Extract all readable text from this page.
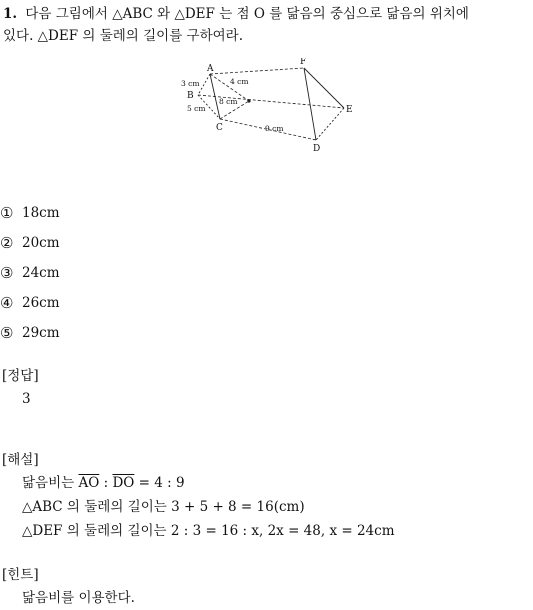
1. 다음 그림에서 △ABC 와 △DEF 는 점 O 를 닮음의 중심으로 닮음의 위치에
있다. △DEF 의 둘레의 길이를 구하여라.
A
B
C
D
E
F
3 cm	4 cm
5 cm
8 cm
9 cm
① 18cm
② 20cm
③ 24cm
④ 26cm
⑤ 29cm
[정답]
3
[해설]
닮음비는 $\overline{AO}$ : $\overline{DO} = 4$ : 9
△ABC 의 둘레의 길이는 3 + 5 + 8 = 16(cm)
△DEF 의 둘레의 길이는 2 : 3 = 16 : x, 2x = 48, x = 24cm
[힌트]
닮음비를 이용한다.
